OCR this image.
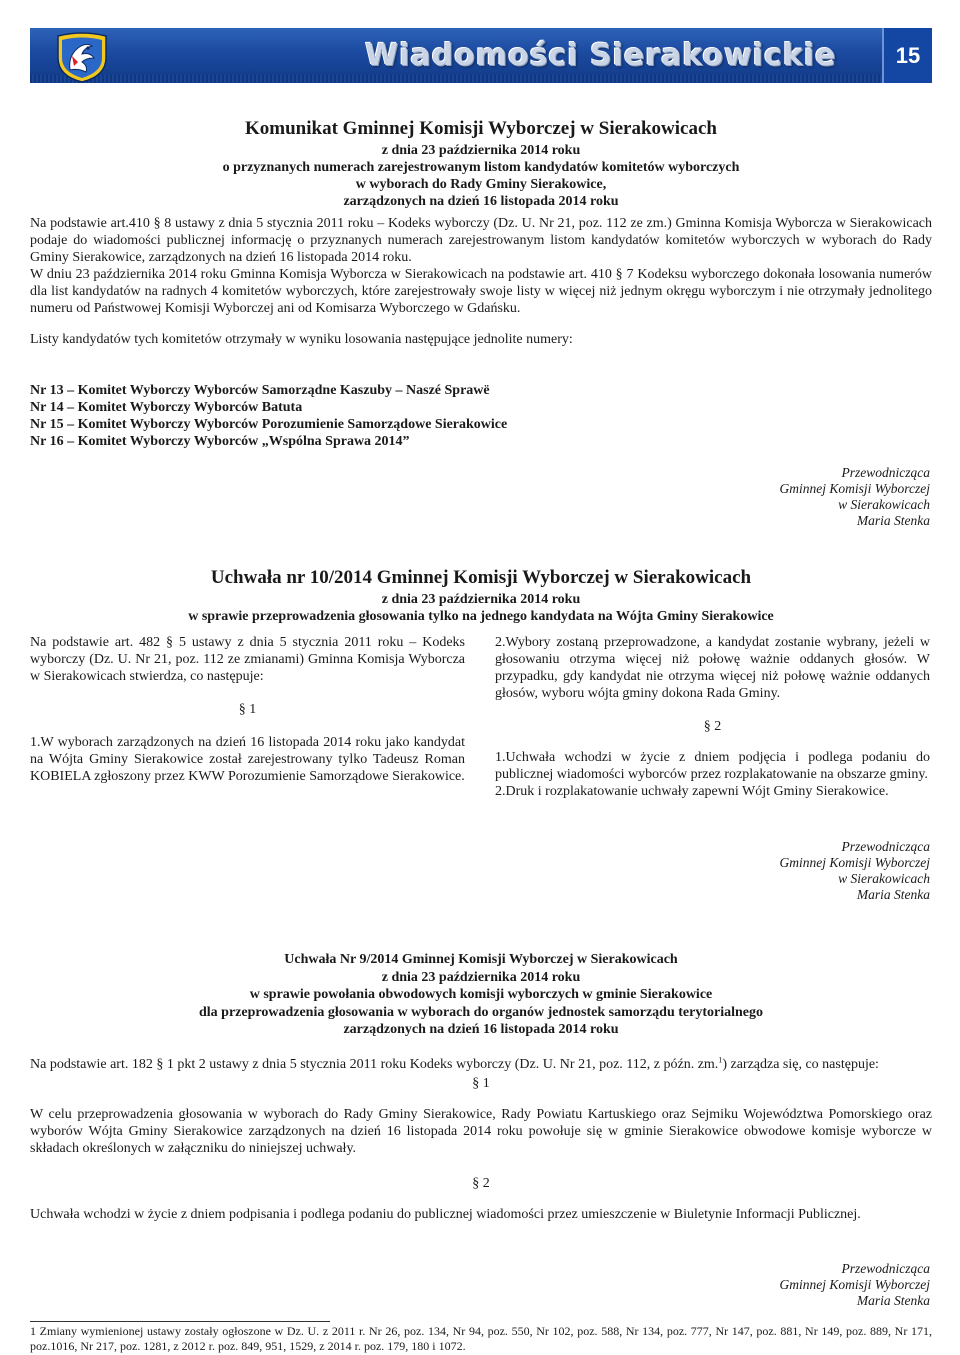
Wiadomości Sierakowickie	15
Komunikat Gminnej Komisji Wyborczej w Sierakowicach
z dnia 23 października 2014 roku
o przyznanych numerach zarejestrowanym listom kandydatów komitetów wyborczych
w wyborach do Rady Gminy Sierakowice,
zarządzonych na dzień 16 listopada 2014 roku

Na podstawie art.410 § 8 ustawy z dnia 5 stycznia 2011 roku – Kodeks wyborczy (Dz. U. Nr 21, poz. 112 ze zm.) Gminna Komisja Wyborcza w Sierakowicach podaje do wiadomości publicznej informację o przyznanych numerach zarejestrowanym listom kandydatów komitetów wyborczych w wyborach do Rady Gminy Sierakowice, zarządzonych na dzień 16 listopada 2014 roku.

W dniu 23 października 2014 roku Gminna Komisja Wyborcza w Sierakowicach na podstawie art. 410 § 7 Kodeksu wyborczego dokonała losowania numerów dla list kandydatów na radnych 4 komitetów wyborczych, które zarejestrowały swoje listy w więcej niż jednym okręgu wyborczym i nie otrzymały jednolitego numeru od Państwowej Komisji Wyborczej ani od Komisarza Wyborczego w Gdańsku.

Listy kandydatów tych komitetów otrzymały w wyniku losowania następujące jednolite numery:

Nr 13 – Komitet Wyborczy Wyborców Samorządne Kaszuby – Naszé Sprawë
Nr 14 – Komitet Wyborczy Wyborców Batuta
Nr 15 – Komitet Wyborczy Wyborców Porozumienie Samorządowe Sierakowice
Nr 16 – Komitet Wyborczy Wyborców „Wspólna Sprawa 2014”
Przewodnicząca
Gminnej Komisji Wyborczej
w Sierakowicach
Maria Stenka
Uchwała nr 10/2014 Gminnej Komisji Wyborczej w Sierakowicach
z dnia 23 października 2014 roku
w sprawie przeprowadzenia głosowania tylko na jednego kandydata na Wójta Gminy Sierakowice

Na podstawie art. 482 § 5 ustawy z dnia 5 stycznia 2011 roku – Kodeks wyborczy (Dz. U. Nr 21, poz. 112 ze zmianami) Gminna Komisja Wyborcza w Sierakowicach stwierdza, co następuje:

§ 1

1.W wyborach zarządzonych na dzień 16 listopada 2014 roku jako kandydat na Wójta Gminy Sierakowice został zarejestrowany tylko Tadeusz Roman KOBIELA zgłoszony przez KWW Porozumienie Samorządowe Sierakowice.

2.Wybory zostaną przeprowadzone, a kandydat zostanie wybrany, jeżeli w głosowaniu otrzyma więcej niż połowę ważnie oddanych głosów. W przypadku, gdy kandydat nie otrzyma więcej niż połowę ważnie oddanych głosów, wyboru wójta gminy dokona Rada Gminy.

§ 2

1.Uchwała wchodzi w życie z dniem podjęcia i podlega podaniu do publicznej wiadomości wyborców przez rozplakatowanie na obszarze gminy.

2.Druk i rozplakatowanie uchwały zapewni Wójt Gminy Sierakowice.

Przewodnicząca
Gminnej Komisji Wyborczej
w Sierakowicach
Maria Stenka
Uchwała Nr 9/2014 Gminnej Komisji Wyborczej w Sierakowicach
z dnia 23 października 2014 roku
w sprawie powołania obwodowych komisji wyborczych w gminie Sierakowice
dla przeprowadzenia głosowania w wyborach do organów jednostek samorządu terytorialnego
zarządzonych na dzień 16 listopada 2014 roku

Na podstawie art. 182 § 1 pkt 2 ustawy z dnia 5 stycznia 2011 roku Kodeks wyborczy (Dz. U. Nr 21, poz. 112, z późn. zm.$^1$) zarządza się, co następuje:

§ 1

W celu przeprowadzenia głosowania w wyborach do Rady Gminy Sierakowice, Rady Powiatu Kartuskiego oraz Sejmiku Województwa Pomorskiego oraz wyborów Wójta Gminy Sierakowice zarządzonych na dzień 16 listopada 2014 roku powołuje się w gminie Sierakowice obwodowe komisje wyborcze w składach określonych w załączniku do niniejszej uchwały.

§ 2

Uchwała wchodzi w życie z dniem podpisania i podlega podaniu do publicznej wiadomości przez umieszczenie w Biuletynie Informacji Publicznej.

Przewodnicząca
Gminnej Komisji Wyborczej
Maria Stenka
1 Zmiany wymienionej ustawy zostały ogłoszone w Dz. U. z 2011 r. Nr 26, poz. 134, Nr 94, poz. 550, Nr 102, poz. 588, Nr 134, poz. 777, Nr 147, poz. 881, Nr 149, poz. 889, Nr 171, poz.1016, Nr 217, poz. 1281, z 2012 r. poz. 849, 951, 1529, z 2014 r. poz. 179, 180 i 1072.
